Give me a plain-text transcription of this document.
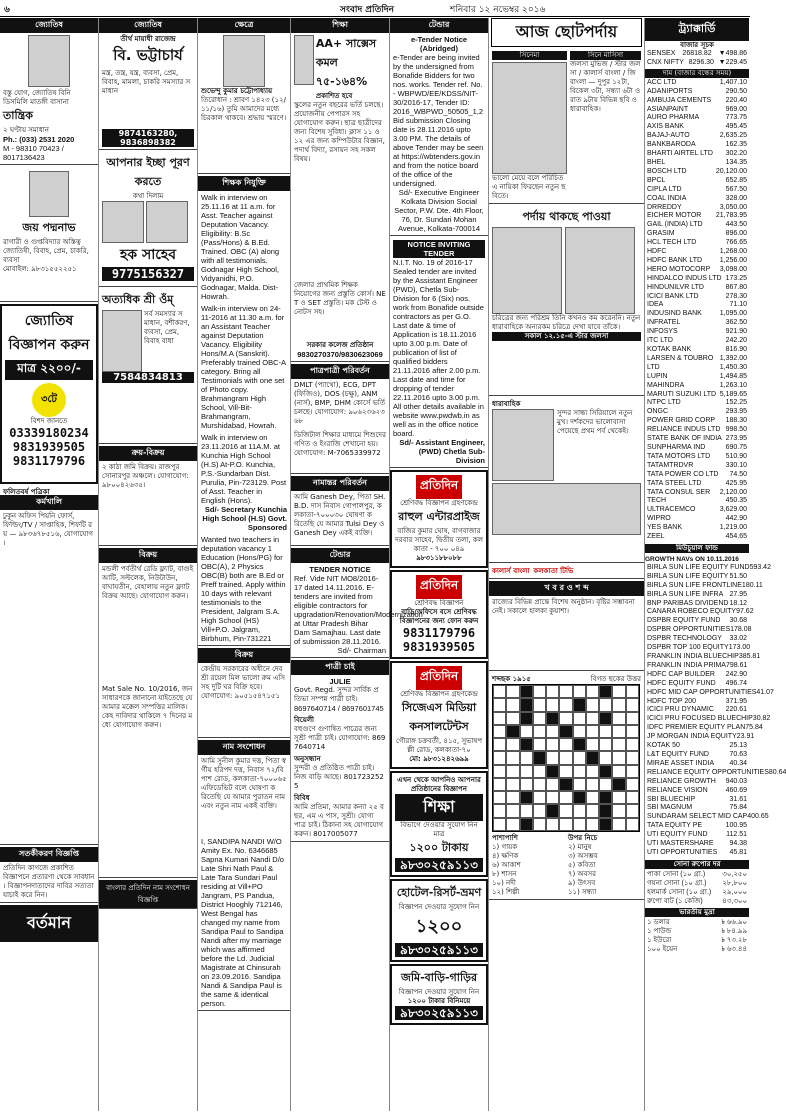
৬	সংবাদ প্রতিদিন	শনিবার ১২ নভেম্বর ২০১৬
জ্যোতিষ
বস্তু যোগ, জ্যোতিষ বিনি
ডিসমিলি মাতঙ্গী বাসানা
তান্ত্রিক
২ ঘণ্টায় সমাধান
Ph.: (033) 2531 2020
M - 98310 70423 / 8017136423
জয় পদ্মনাভ
রাগারী ও গুপ্তবিদ্যার অস্তিত্ব জ্যোতিষী, বিবাহ, প্রেম, চাকরি, ব্যবসা
মোবাইল: ৯৮৩১৫৫২২৫১
জ্যোতিষ বিজ্ঞাপন করুন
মাত্র ২২০০/-
৩টে
বিশদ জানতে
03339180234
9831939505
9831179796
ফলিতবর্ষ পত্রিকা
কর্মখালি
ঢুকুন অফিস পিয়নি ফোর্স, ফিল্ডিং/TV / সাপ্তাহিক, শিফটি রয় — ৯৮৩৬৭৮৫১৬, যোগাযোগ।
সতর্কীকরণ বিজ্ঞপ্তি
প্রতিদিন কাগজে প্রকাশিত বিজ্ঞাপনে প্রতারণা থেকে সাবধান। বিজ্ঞাপনদাতাদের দাবির সত্যতা যাচাই করে নিন।
বর্তমান
জ্যোতিষ
তীর্থ মায়াধী রাজেন্দ্র
বি. ভট্টাচার্য
মন্ত্র, তন্ত্র, যন্ত্র, ব্যবসা, প্রেম, বিবাহ, মামলা, চাকরি সমস্যার সমাধান
9874163280, 9836898382
আপনার ইচ্ছা পূরণ করতে
কথা দিলাম
হক সাহেব
9775156327
অত্যধিক শ্রী ওঁম্‌
সর্ব সমস্যার সমাধান, বশীকরণ, ব্যবসা, প্রেম, বিবাহ বাধা
7584834813
ক্রয়-বিক্রয়
২ কাঠা জমি বিক্রয়। রাজপুর সোনারপুর অঞ্চলে। যোগাযোগ: ৯৮০০৪২৬৩৫।
বিক্রয়
মন্ডলী পর্বতীর্থ রেডি ফ্ল্যাট, বাগুইআটি, সল্টলেক, নিউটাউন, বাঘাযতীন, বেহালায় নতুন ফ্ল্যাট বিক্রয় আছে। যোগাযোগ করুন।
Mat Sale No. 10/2016, জনসাধারণকে জানানো যাইতেছে যে আমার মক্কেল সম্পত্তির মালিক। কেহ দাবিদার থাকিলে ৭ দিনের মধ্যে যোগাযোগ করুন।
বাংলার প্রতিদিন নাম সংশোধন বিজ্ঞপ্তি
ক্ষেত্রে
শুভেন্দু কুমার চট্টোপাধ্যায়
তিরোধান : শ্রাবণ ১৪২৩ (১২/১১/১৬) তুমি আমাদের মধ্যে চিরকাল থাকবে। শ্রদ্ধায় স্মরণে।
শিক্ষক নিযুক্তি
Walk in interview on 25.11.16 at 11 a.m. for Asst. Teacher against Deputation Vacancy. Eligibility: B.Sc (Pass/Hons) & B.Ed. Trained. OBC (A) along with all testimonials. Godnagar High School, Vidyanidhi, P.O. Godnagar, Malda. Dist-Howrah.
Walk-in interview on 24-11-2016 at 11.30 a.m. for an Assistant Teacher against Deputation Vacancy. Eligibility Hons/M.A (Sanskrit). Preferably trained OBC-A category. Bring all Testimonials with one set of Photo copy. Brahmangram High School, Vill-Bit-Brahmangram, Murshidabad, Howrah.
Walk in interview on 23.11.2016 at 11A.M. at Kunchia High School (H.S) At-P.O. Kunchia, P.S.-Sundarban Dist. Purulia, Pin-723129. Post of Asst. Teacher in English (Hons).
Sd/- Secretary Kunchia High School (H.S) Govt. Sponsored
Wanted two teachers in deputation vacancy 1 Education (Hons/PG) for OBC(A), 2 Physics OBC(B) both are B.Ed or Preff trained. Apply within 10 days with relevant testimonials to the President, Jalgram S.A. High School (HS) Vill+P.O. Jalgram, Birbhum, Pin-731221
বিক্রয়
কেন্দ্রীয় সরকারের অধীনে দেবশ্রী রয়েল মিল ভালো রুম এসি সহ দুটি ঘর বিক্রি হবে। যোগাযোগ: ৯০৫১৫৪৭১৫১
নাম সংশোধন
আমি সুনীল কুমার দত্ত, পিতা স্বর্গীয় হরিপদ দত্ত, নিবাস ৭২/বি পাশ রোড, কলকাতা-৭০০০৬৫ এফিডেভিট বলে ঘোষণা করিতেছি যে আমার পুরাতন নাম এবং নতুন নাম একই ব্যক্তি।
I, SANDIPA NANDI W/O Amity Ex. No. 6346685 Sapna Kumari Nandi D/o Late Shri Nath Paul & Late Tara Sundari Paul residing at Vill+PO Jangram, PS Pandua, District Hooghly 712146, West Bengal has changed my name from Sandipa Paul to Sandipa Nandi after my marriage which was affirmed before the Ld. Judicial Magistrate at Chinsurah on 23.09.2016. Sandipa Nandi & Sandipa Paul is the same & identical person.
শিক্ষা
AA+ সাক্সেস কমল ৭৫-১৬৪%
প্রকাশিত হবে
স্কুলের নতুন বছরের ভর্তি চলছে। প্রয়োজনীয় পেপারস সহ যোগাযোগ করুন। ছাত্র ছাত্রীদের জন্য বিশেষ সুবিধা। ক্লাস ১১ ও ১২ এর জন্য কম্পিউটার বিজ্ঞান, পদার্থ বিদ্যা, রসায়ন সহ সকল বিষয়।
জেলার প্রাথমিক শিক্ষক নিয়োগের জন্য প্রস্তুতি কোর্স। NET ও SET প্রস্তুতি। মক টেস্ট ও নোটস সহ।
সরকার কলেজ প্রতিষ্ঠান
9830270370/9830623069
পাত্রপাত্রী পরিবর্তন
DMLT (প্যাথো), ECG, DPT (ফিজিও), DOS (চক্ষু), ANM (নার্স), BMP, DHM কোর্সে ভর্তি চলছে। যোগাযোগ: ৯০৬২৩৬২৩৬৮
ডিজিটাল শিক্ষার মাধ্যমে শিশুদের গণিত ও ইংরাজি শেখানো হয়। যোগাযোগ: M-7065339972
নামান্তর পরিবর্তন
আমি Ganesh Dey, পিতা SH.B.D. দাস নিবাস গোপালপুর, কলকাতা-৭০০০৩০ ঘোষণা করিতেছি যে আমার Tulsi Dey ও Ganesh Dey একই ব্যক্তি।
টেন্ডার
TENDER NOTICE
Ref. Vide NIT MO8/2016-17 dated 14.11.2016. E-tenders are invited from eligible contractors for upgradation/Renovation/Modernization at Uttar Pradesh Bihar Dam Samajhau. Last date of submission 28.11.2016.
Sd/- Chairman
পাত্রী চাই
JULIE
Govt. Regd. সুন্দর সার্বিক প্রতিভা সম্পন্ন পাত্রী চাই।
8697640714 / 8697601745
বিয়েলী
বহুগুণে গুণান্বিত পাত্রের জন্য সুশ্রী পাত্রী চাই। যোগাযোগ: 8697640714
অনুসন্ধান
সুন্দরী ও প্রতিষ্ঠিত পাত্রী চাই। নিজ বাড়ি আছে। 8017232525
বিবিধ
আমি প্রতিমা, আমার কন্যা ২৫ বছর, এম এ পাস, সুশ্রী। যোগ্য পাত্র চাই। ঠিকানা সহ যোগাযোগ করুন। 8017005077
টেন্ডার
e-Tender Notice (Abridged)
e-Tender are being invited by the undersigned from Bonafide Bidders for two nos. works. Tender ref. No. - WBPWD/EE/KDSS/NIT-30/2016-17, Tender ID: 2016_WBPWD_50505_1,2 Bid submission Closing date is 28.11.2016 upto 3.00 PM. The details of above Tender may be seen at https://wbtenders.gov.in and from the notice board of the office of the undersigned.
Sd/- Executive Engineer Kolkata Division Social Sector, P.W. Dte. 4th Floor, 76, Dr. Sundari Mohan Avenue, Kolkata-700014
NOTICE INVITING TENDER
N.I.T. No. 19 of 2016-17 Sealed tender are invited by the Assistant Engineer (PWD), Chetla Sub-Division for 6 (Six) nos. work from Bonafide outside contractors as per G.O. Last date & time of Application is 18.11.2016 upto 3.00 p.m. Date of publication of list of qualified bidders 21.11.2016 after 2.00 p.m. Last date and time for dropping of tender 22.11.2016 upto 3.00 p.m. All other details available in website www.pwdwb.in as well as in the office notice board.
Sd/- Assistant Engineer, (PWD) Chetla Sub-Division
প্রতিদিন
শ্রেণিবদ্ধ বিজ্ঞাপন গ্রহণকেন্দ্র
রাহুল এন্টারপ্রাইজ
বাজির কুমার ঘোষ, বাগবাজার দরবার সাহেব, দ্বিতীয় তলা, কলকাতা - ৭০০ ০৪৯
৯৮৩১১৮৮০৮৮
প্রতিদিন
শ্রেণিবদ্ধ বিজ্ঞাপন
বাড়ি/অফিসে বসে শ্রেণিবদ্ধ বিজ্ঞাপনের জন্য ফোন করুন
9831179796
9831939505
প্রতিদিন
শ্রেণিবদ্ধ বিজ্ঞাপন গ্রহণকেন্দ্র
সিজেএস মিডিয়া কনসালটেন্টস
গৌরাঙ্গ চক্রবর্তী, ৪১৫, সুভাষপল্লী রোড, কলকাতা-৭০
মো: ৯৮৩১২৪২৬৯৯
এখন থেকে আপনিও আপনার প্রতিষ্ঠানের বিজ্ঞাপন
শিক্ষা
বিভাগে দেওয়ার সুযোগ নিন মাত্র
১২০০ টাকায়
৯৮৩০২৫৯১১৩
হোটেল-রিসর্ট-ভ্রমণ
বিজ্ঞাপন দেওয়ার সুযোগ নিন
১২০০
৯৮৩০২৫৯১১৩
জমি-বাড়ি-গাড়ির
বিজ্ঞাপন দেওয়ার সুযোগ নিন
১২০০ টাকার বিনিময়ে
৯৮৩০২৫৯১১৩
আজ ছোটপর্দায়
সিনেমা
ভালো মেয়ে বলে পরিচিত এ নায়িকা ফিরছেন নতুন ছবিতে।
সিনে মাসিসা
জলসা মুভিজ / স্টার জলসা / কালার্স বাংলা / জি বাংলা — দুপুর ১২টা, বিকেল ৩টা, সন্ধ্যা ৬টা ও রাত ৯টায় বিভিন্ন ছবি ও ধারাবাহিক।
পর্দায় থাকছে পাওয়া
চরিত্রের জন্য পরিশ্রম তিনি কখনও কম করেননি। নতুন ধারাবাহিকে অন্যরকম চরিত্রে দেখা যাবে তাঁকে।
সকাল ১২.১৫-এ স্টার জলসা
ধারাবাহিক
সুন্দর সান্ধ্য সিরিয়ালে নতুন মুখ। দর্শকদের ভালোবাসা পেয়েছে প্রথম পর্ব থেকেই।
কালার্স বাংলা কলকাতা টিভি
খ ব র ও শ ব্দ
রাজ্যের বিভিন্ন প্রান্তে বিশেষ অনুষ্ঠান। বৃষ্টির সম্ভাবনা নেই। সকালে হালকা কুয়াশা।
শব্দছক ১৯১৫	বিগত ছকের উত্তর
পাশাপাশি
১) গায়ক
৪) ক্ষণিক
৬) আকাশ
৮) শাসন
১০) নদী
১২) শিল্পী
উপর নিচে
২) মানুষ
৩) অসম্ভব
৫) কবিতা
৭) অবসর
৯) উৎসব
১১) সন্ধ্যা
ট্র্যাক্কার্ডি
বাজার সূচক
SENSEX 26818.82 ▼498.86
CNX NIFTY 8296.30 ▼229.45
দাম (বাজার বন্ধের সময়)
ACC LTD	1,407.10
ADANIPORTS	290.50
AMBUJA CEMENTS 220.40
ASIANPAINT	969.00
AURO PHARMA	773.75
AXIS BANK	495.45
BAJAJ-AUTO	2,635.25
BANKBARODA	162.35
BHARTI AIRTEL LTD 302.20
BHEL	134.35
BOSCH LTD	20,120.00
BPCL	652.85
CIPLA LTD	567.50
COAL INDIA	328.00
DRREDDY	3,050.00
EICHER MOTOR 21,783.95
GAIL (INDIA) LTD	443.50
GRASIM	896.00
HCL TECH LTD	766.65
HDFC	1,268.00
HDFC BANK LTD	1,256.00
HERO MOTOCORP 3,098.00
HINDALCO INDUS LTD 173.25
HINDUNILVR LTD	867.80
ICICI BANK LTD	278.30
IDEA	71.10
INDUSIND BANK	1,095.00
INFRATEL	362.50
INFOSYS	921.90
ITC LTD	242.20
KOTAK BANK	816.90
LARSEN & TOUBRO 1,392.00
LTD	1,450.30
LUPIN	1,494.85
MAHINDRA	1,263.10
MARUTI SUZUKI LTD 5,189.65
NTPC LTD	152.25
ONGC	293.95
POWER GRID CORP 188.30
RELIANCE INDUS LTD 998.50
STATE BANK OF INDIA 273.95
SUNPHARMA IND	690.75
TATA MOTORS LTD 510.90
TATAMTRDVR	330.10
TATA POWER CO LTD 74.50
TATA STEEL LTD	425.95
TATA CONSUL SER 2,120.00
TECH	450.35
ULTRACEMCO	3,629.00
WIPRO	442.90
YES BANK	1,219.00
ZEEL	454.65
মিউচুয়াল ফান্ড
GROWTH NAVs ON 10.11.2016
BIRLA SUN LIFE EQUITY FUND 593.42
BIRLA SUN LIFE EQUITY 51.50
BIRLA SUN LIFE FRONTLINE 180.11
BIRLA SUN LIFE INFRA 27.95
BNP PARIBAS DIVIDEND 18.12
CANARA ROBECO EQUITY 97.62
DSPBR EQUITY FUND 30.68
DSPBR OPPORTUNITIES 178.08
DSPBR TECHNOLOGY 33.02
DSPBR TOP 100 EQUITY 173.00
FRANKLIN INDIA BLUECHIP 385.81
FRANKLIN INDIA PRIMA 798.61
HDFC CAP BUILDER 242.90
HDFC EQUITY FUND 496.74
HDFC MID CAP OPPORTUNITIES 41.07
HDFC TOP 200	371.95
ICICI PRU DYNAMIC 220.61
ICICI PRU FOCUSED BLUECHIP 30.82
IDFC PREMIER EQUITY PLAN 75.84
JP MORGAN INDIA EQUITY 23.91
KOTAK 50	25.13
L&T EQUITY FUND	70.63
MIRAE ASSET INDIA 40.34
RELIANCE EQUITY OPPORTUNITIES 80.64
RELIANCE GROWTH 940.03
RELIANCE VISION	460.69
SBI BLUECHIP	31.61
SBI MAGNUM	75.84
SUNDARAM SELECT MID CAP 400.65
TATA EQUITY PE	100.95
UTI EQUITY FUND	112.51
UTI MASTERSHARE 94.38
UTI OPPORTUNITIES 45.81
সোনা রুপোর দর
পাকা সোনা (১০ গ্রা.) ৩০,২৫০
গয়না সোনা (১০ গ্রা.) ২৮,৮০০
হলমার্ক সোনা (১০ গ্রা.) ২৯,০০০
রুপো বাট (১ কেজি)	৪৩,৩০০
ভারতীয় মুদ্রা
১ ডলার	৳ ৬৬.৯০
১ পাউন্ড	৳ ৮৪.৯৯
১ ইউরো	৳ ৭৩.২৮
১০০ ইয়েন	৳ ৬৩.৪৪
